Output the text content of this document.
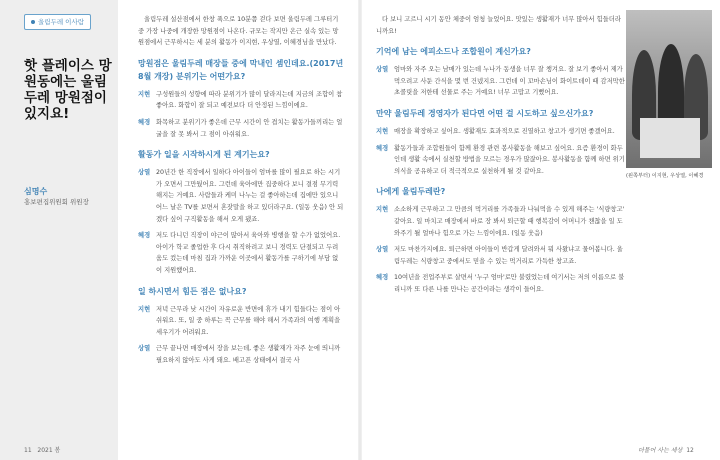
울림두레 이사람
핫 플레이스 망원동에는 울림두레 망원점이 있지요!
심명수
홍보편집위원회 위원장

울림두레 설산점에서 한창 푹으로 10분쯤 걷다 보면 울림두레 그루터기 중 가장 나중에 개장한 망원점이 나온다. 규모는 작지만 온근 실속 있는 망원점에서 근무하시는 세 분의 활동가 이지현, 우상열, 이혜경님을 만났다.

망원점은 울림두레 매장들 중에 막내인 셈인데요.(2017년 8월 개장) 분위기는 어떤가요?

지현 구성원들의 성향에 따라 분위기가 많이 달라지는데 지금의 조합이 참 좋아요. 화합이 잘 되고 예전보다 더 안정된 느낌이에요.

혜경 화목하고 분위기가 좋은데 근무 시간이 안 겹치는 활동가들끼리는 얼굴을 잘 못 봐서 그 점이 아쉬워요.

활동가 일을 시작하시게 된 계기는요?

상열 20년간 한 직장에서 일하다 아이들이 엄마를 많이 필요로 하는 시기가 오면서 그만뒀어요. 그런데 육아에만 집중하다 보니 결점 무기력해지는 거예요. 사람들과 케미 나누는 걸 좋아하는데 집에만 있으니 어느 날은 TV를 보면서 혼잣말을 하고 있더라구요. (일동 웃음) 안 되겠다 싶어 구직활동을 해서 오게 됐죠.

혜경 저도 다니던 직장이 야근이 많아서 육아와 병행을 할 수가 없었어요. 아이가 학교 졸업한 후 다시 취직하려고 보니 경력도 단절되고 두려움도 컸는데 마침 집과 가까운 이곳에서 활동가를 구하기에 부담 없이 지원했어요.

일 하시면서 힘든 점은 없나요?

지현 저녁 근무라 낮 시간이 자유로운 반면에 휴가 내기 힘들다는 점이 아쉬워요. 또, 일 중 하루는 꼭 근무를 해야 해서 가족과의 여행 계획을 세우기가 어려워요.

상열 근무 끝나면 매장에서 장을 보는데, 좋은 생활재가 자주 눈에 띄니까 필요하지 않아도 사게 돼요. 배고픈 상태에서 결국 사

11 2021 봄

다 보니 고르니 시기 동안 체중이 엄청 늘었어요. 맛있는 생활재가 너무 많아서 힘들더라니까요!

기억에 남는 에피소드나 조합원이 계신가요?

상열 엄마와 자주 오는 남매가 있는데 누나가 동생을 너무 잘 챙겨요. 잘 보기 좋아서 제가 먹으려고 사둔 간식을 몇 번 건넸지요. 그런데 이 꼬마손님이 화이트데이 때 감저막한 초콜릿을 저한테 선물로 주는 거예요! 너무 고맙고 기뻤어요.

만약 울림두레 경영자가 된다면 어떤 걸 시도하고 싶으신가요?

지현 매장을 확장하고 싶어요. 생활재도 효과적으로 진열하고 창고가 생기면 좋겠어요.

혜경 활동가들과 조합원들이 함께 환경 관련 봉사활동을 해보고 싶어요. 요즘 환경이 화두인데 생활 속에서 실천할 방법을 모르는 경우가 많잖아요. 봉사활동을 함께 하면 위기의식을 공유하고 더 적극적으로 실천하게 될 것 같아요.

나에게 울림두레란?

지현 소소하게 근무하고 그 만큼의 먹거리를 가족들과 나눠먹을 수 있게 해주는 '식량창고' 같아요. 일 마치고 매장에서 바로 장 봐서 퇴근할 때 행복감이 어머니가 챈찮을 일 도와주기 될 얼마나 힘으로 가는 느낌이에요. (일동 웃음)

상열 저도 마찬가지에요. 퇴근하면 아이들이 반갑게 달려와서 뭐 사왔냐고 물어봅니다. 울림두레는 식량창고 중에서도 믿을 수 있는 먹거리로 가득한 창고죠.

혜경 10여년을 전업주부로 살면서 '누구 엄마'로만 불렸었는데 여기서는 저의 이름으로 불리니까 또 다른 나를 만나는 공간이라는 생각이 들어요.

더불어 사는 세상 12
(왼쪽부터) 이지현, 우상열, 이혜경
